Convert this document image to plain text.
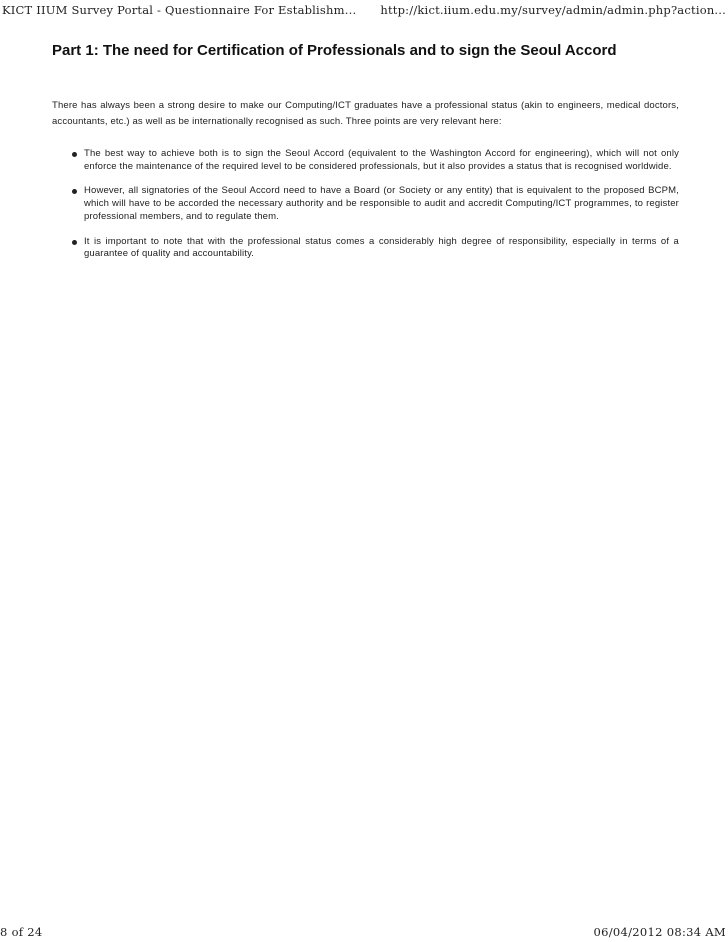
KICT IIUM Survey Portal - Questionnaire For Establishm... http://kict.iium.edu.my/survey/admin/admin.php?action...
Part 1: The need for Certification of Professionals and to sign the Seoul Accord

There has always been a strong desire to make our Computing/ICT graduates have a professional status (akin to engineers, medical doctors, accountants, etc.) as well as be internationally recognised as such. Three points are very relevant here:

The best way to achieve both is to sign the Seoul Accord (equivalent to the Washington Accord for engineering), which will not only enforce the maintenance of the required level to be considered professionals, but it also provides a status that is recognised worldwide.
However, all signatories of the Seoul Accord need to have a Board (or Society or any entity) that is equivalent to the proposed BCPM, which will have to be accorded the necessary authority and be responsible to audit and accredit Computing/ICT programmes, to register professional members, and to regulate them.
It is important to note that with the professional status comes a considerably high degree of responsibility, especially in terms of a guarantee of quality and accountability.
8 of 24	06/04/2012 08:34 AM
